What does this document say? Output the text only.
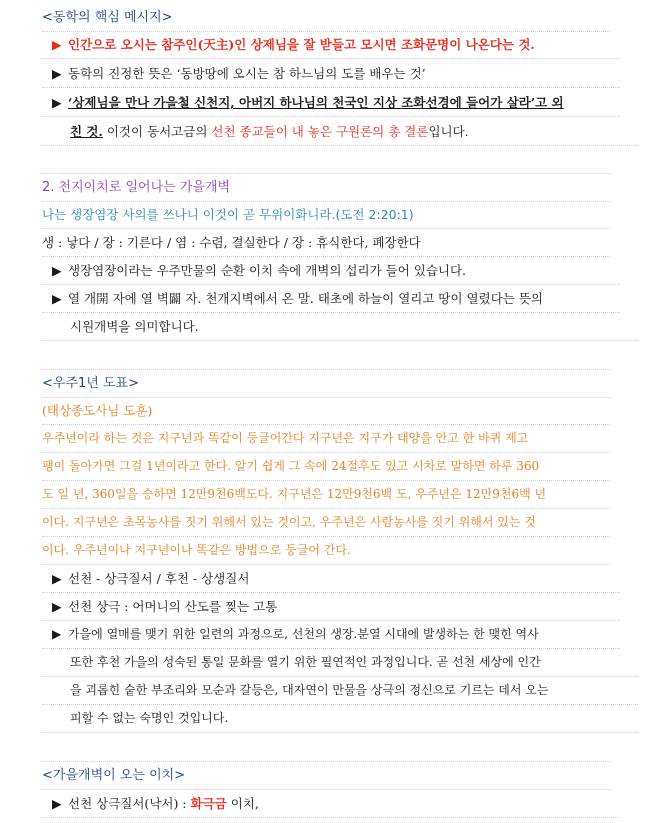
<동학의 핵심 메시지>
▶ 인간으로 오시는 참주인(天主)인 상제님을 잘 받들고 모시면 조화문명이 나온다는 것.
▶ 동학의 진정한 뜻은 ‘동방땅에 오시는 참 하느님의 도를 배우는 것’
▶ ‘상제님을 만나 가을철 신천지, 아버지 하나님의 천국인 지상 조화선경에 들어가 살라’고 외
친 것. 이것이 동서고금의 선천 종교들이 내 놓은 구원론의 총 결론입니다.
2. 천지이치로 일어나는 가을개벽
나는 생장염장 사의를 쓰나니 이것이 곧 무위이화니라.(도전 2:20:1)
생 : 낳다 / 장 : 기른다 / 염 : 수렴, 결실한다 / 장 : 휴식한다, 폐장한다
▶ 생장염장이라는 우주만물의 순환 이치 속에 개벽의 섭리가 들어 있습니다.
▶ 열 개開 자에 열 벽闢 자. 천개지벽에서 온 말. 태초에 하늘이 열리고 땅이 열렸다는 뜻의
시원개벽을 의미합니다.
<우주1년 도표>
(태상종도사님 도훈)
우주년이라 하는 것은 지구년과 똑같이 둥글어간다 지구년은 지구가 태양을 안고 한 바퀴 제고
팽이 돌아가면 그걸 1년이라고 한다. 알기 쉽게 그 속에 24절후도 있고 시차로 말하면 하루 360
도 일 년, 360일을 승하면 12만9천6백도다. 지구년은 12만9천6백 도, 우주년은 12만9천6백 년
이다. 지구년은 초목농사를 짓기 위해서 있는 것이고, 우주년은 사람농사를 짓기 위해서 있는 것
이다. 우주년이나 지구년이나 똑같은 방법으로 둥글어 간다.
▶ 선천 - 상극질서 / 후천 - 상생질서
▶ 선천 상극 : 어머니의 산도를 찢는 고통
▶ 가을에 열매를 맺기 위한 일련의 과정으로, 선천의 생장.분열 시대에 발생하는 한 맺힌 역사
또한 후천 가을의 성숙된 통일 문화를 열기 위한 필연적인 과정입니다. 곧 선천 세상에 인간
을 괴롭힌 숱한 부조리와 모순과 갈등은, 대자연이 만물을 상극의 정신으로 기르는 데서 오는
피할 수 없는 숙명인 것입니다.
<가을개벽이 오는 이치>
▶ 선천 상극질서(낙서) : 화극금 이치,
